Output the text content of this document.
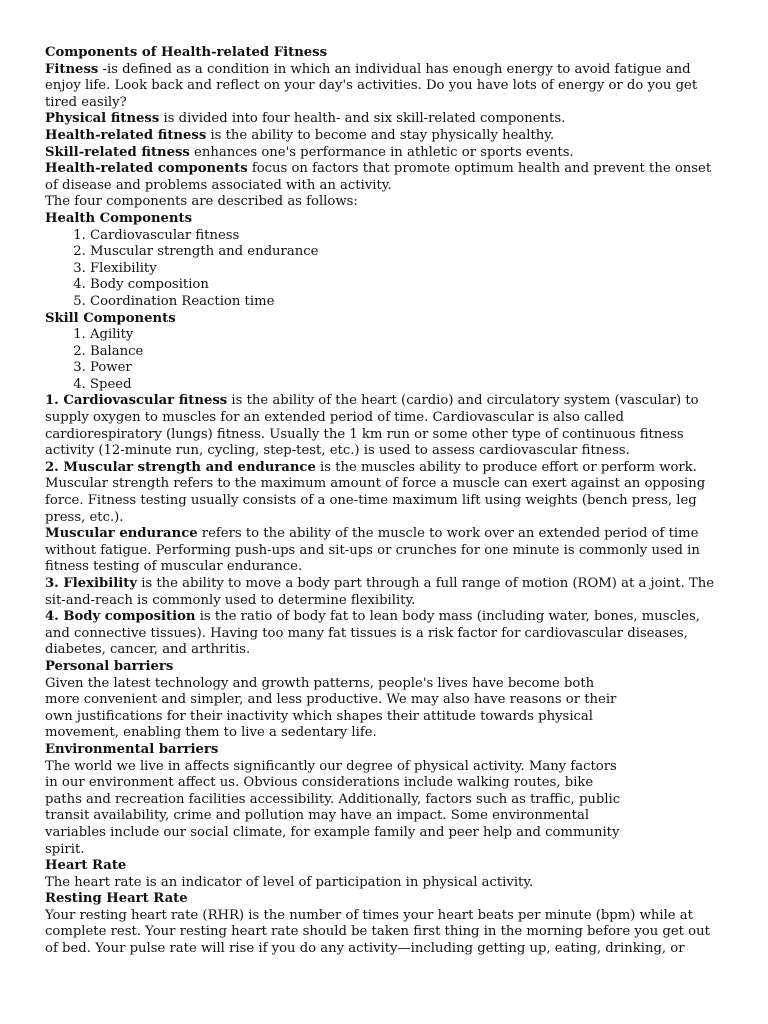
Components of Health-related Fitness

Fitness -is defined as a condition in which an individual has enough energy to avoid fatigue and enjoy life. Look back and reflect on your day's activities. Do you have lots of energy or do you get tired easily?

Physical fitness is divided into four health- and six skill-related components.

Health-related fitness is the ability to become and stay physically healthy.

Skill-related fitness enhances one's performance in athletic or sports events.

Health-related components focus on factors that promote optimum health and prevent the onset of disease and problems associated with an activity.

The four components are described as follows:

Health Components

1. Cardiovascular fitness
2. Muscular strength and endurance
3. Flexibility
4. Body composition
5. Coordination Reaction time

Skill Components

1. Agility
2. Balance
3. Power
4. Speed

1. Cardiovascular fitness is the ability of the heart (cardio) and circulatory system (vascular) to supply oxygen to muscles for an extended period of time. Cardiovascular is also called cardiorespiratory (lungs) fitness. Usually the 1 km run or some other type of continuous fitness activity (12-minute run, cycling, step-test, etc.) is used to assess cardiovascular fitness.

2. Muscular strength and endurance is the muscles ability to produce effort or perform work. Muscular strength refers to the maximum amount of force a muscle can exert against an opposing force. Fitness testing usually consists of a one-time maximum lift using weights (bench press, leg press, etc.).

Muscular endurance refers to the ability of the muscle to work over an extended period of time without fatigue. Performing push-ups and sit-ups or crunches for one minute is commonly used in fitness testing of muscular endurance.

3. Flexibility is the ability to move a body part through a full range of motion (ROM) at a joint. The sit-and-reach is commonly used to determine flexibility.

4. Body composition is the ratio of body fat to lean body mass (including water, bones, muscles, and connective tissues). Having too many fat tissues is a risk factor for cardiovascular diseases, diabetes, cancer, and arthritis.

Personal barriers

Given the latest technology and growth patterns, people's lives have become both more convenient and simpler, and less productive. We may also have reasons or their own justifications for their inactivity which shapes their attitude towards physical movement, enabling them to live a sedentary life.

Environmental barriers

The world we live in affects significantly our degree of physical activity. Many factors in our environment affect us. Obvious considerations include walking routes, bike paths and recreation facilities accessibility. Additionally, factors such as traffic, public transit availability, crime and pollution may have an impact. Some environmental variables include our social climate, for example family and peer help and community spirit.

Heart Rate

The heart rate is an indicator of level of participation in physical activity.

Resting Heart Rate

Your resting heart rate (RHR) is the number of times your heart beats per minute (bpm) while at complete rest. Your resting heart rate should be taken first thing in the morning before you get out of bed. Your pulse rate will rise if you do any activity—including getting up, eating, drinking, or
